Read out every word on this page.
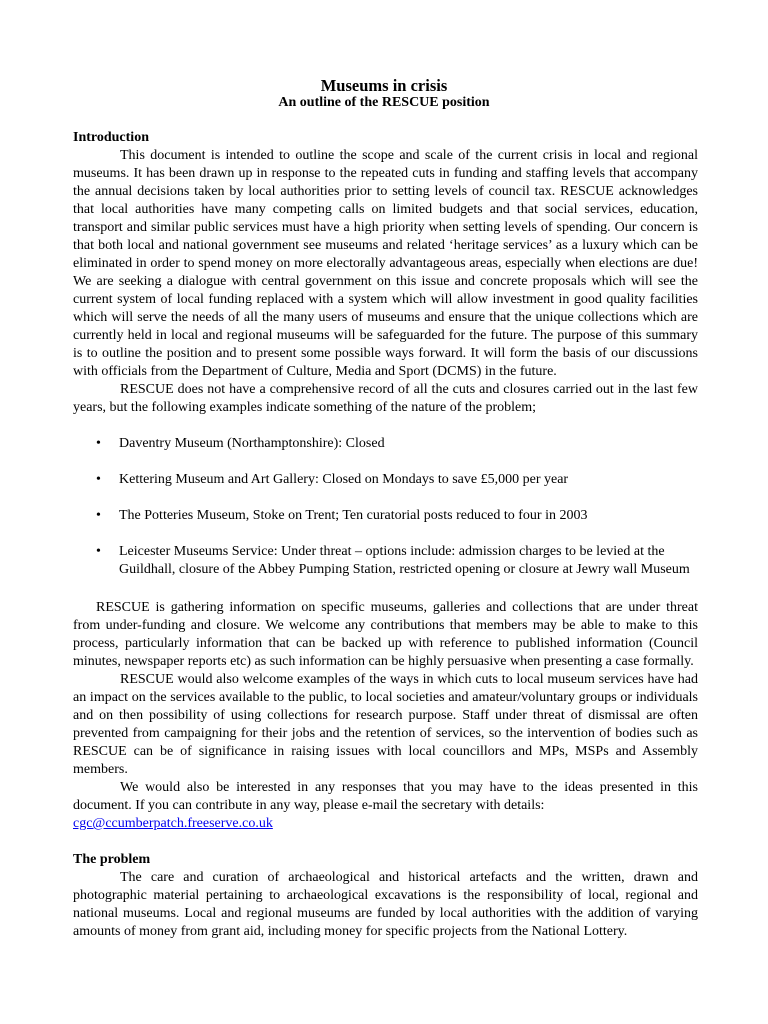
Museums in crisis
An outline of the RESCUE position
Introduction

This document is intended to outline the scope and scale of the current crisis in local and regional museums. It has been drawn up in response to the repeated cuts in funding and staffing levels that accompany the annual decisions taken by local authorities prior to setting levels of council tax. RESCUE acknowledges that local authorities have many competing calls on limited budgets and that social services, education, transport and similar public services must have a high priority when setting levels of spending. Our concern is that both local and national government see museums and related ‘heritage services’ as a luxury which can be eliminated in order to spend money on more electorally advantageous areas, especially when elections are due! We are seeking a dialogue with central government on this issue and concrete proposals which will see the current system of local funding replaced with a system which will allow investment in good quality facilities which will serve the needs of all the many users of museums and ensure that the unique collections which are currently held in local and regional museums will be safeguarded for the future. The purpose of this summary is to outline the position and to present some possible ways forward. It will form the basis of our discussions with officials from the Department of Culture, Media and Sport (DCMS) in the future.

RESCUE does not have a comprehensive record of all the cuts and closures carried out in the last few years, but the following examples indicate something of the nature of the problem;

• Daventry Museum (Northamptonshire): Closed
• Kettering Museum and Art Gallery: Closed on Mondays to save £5,000 per year
• The Potteries Museum, Stoke on Trent; Ten curatorial posts reduced to four in 2003
• Leicester Museums Service: Under threat – options include: admission charges to be levied at the Guildhall, closure of the Abbey Pumping Station, restricted opening or closure at Jewry wall Museum

RESCUE is gathering information on specific museums, galleries and collections that are under threat from under-funding and closure. We welcome any contributions that members may be able to make to this process, particularly information that can be backed up with reference to published information (Council minutes, newspaper reports etc) as such information can be highly persuasive when presenting a case formally.

RESCUE would also welcome examples of the ways in which cuts to local museum services have had an impact on the services available to the public, to local societies and amateur/voluntary groups or individuals and on then possibility of using collections for research purpose. Staff under threat of dismissal are often prevented from campaigning for their jobs and the retention of services, so the intervention of bodies such as RESCUE can be of significance in raising issues with local councillors and MPs, MSPs and Assembly members.

We would also be interested in any responses that you may have to the ideas presented in this document. If you can contribute in any way, please e-mail the secretary with details:

cgc@ccumberpatch.freeserve.co.uk
The problem

The care and curation of archaeological and historical artefacts and the written, drawn and photographic material pertaining to archaeological excavations is the responsibility of local, regional and national museums. Local and regional museums are funded by local authorities with the addition of varying amounts of money from grant aid, including money for specific projects from the National Lottery.
